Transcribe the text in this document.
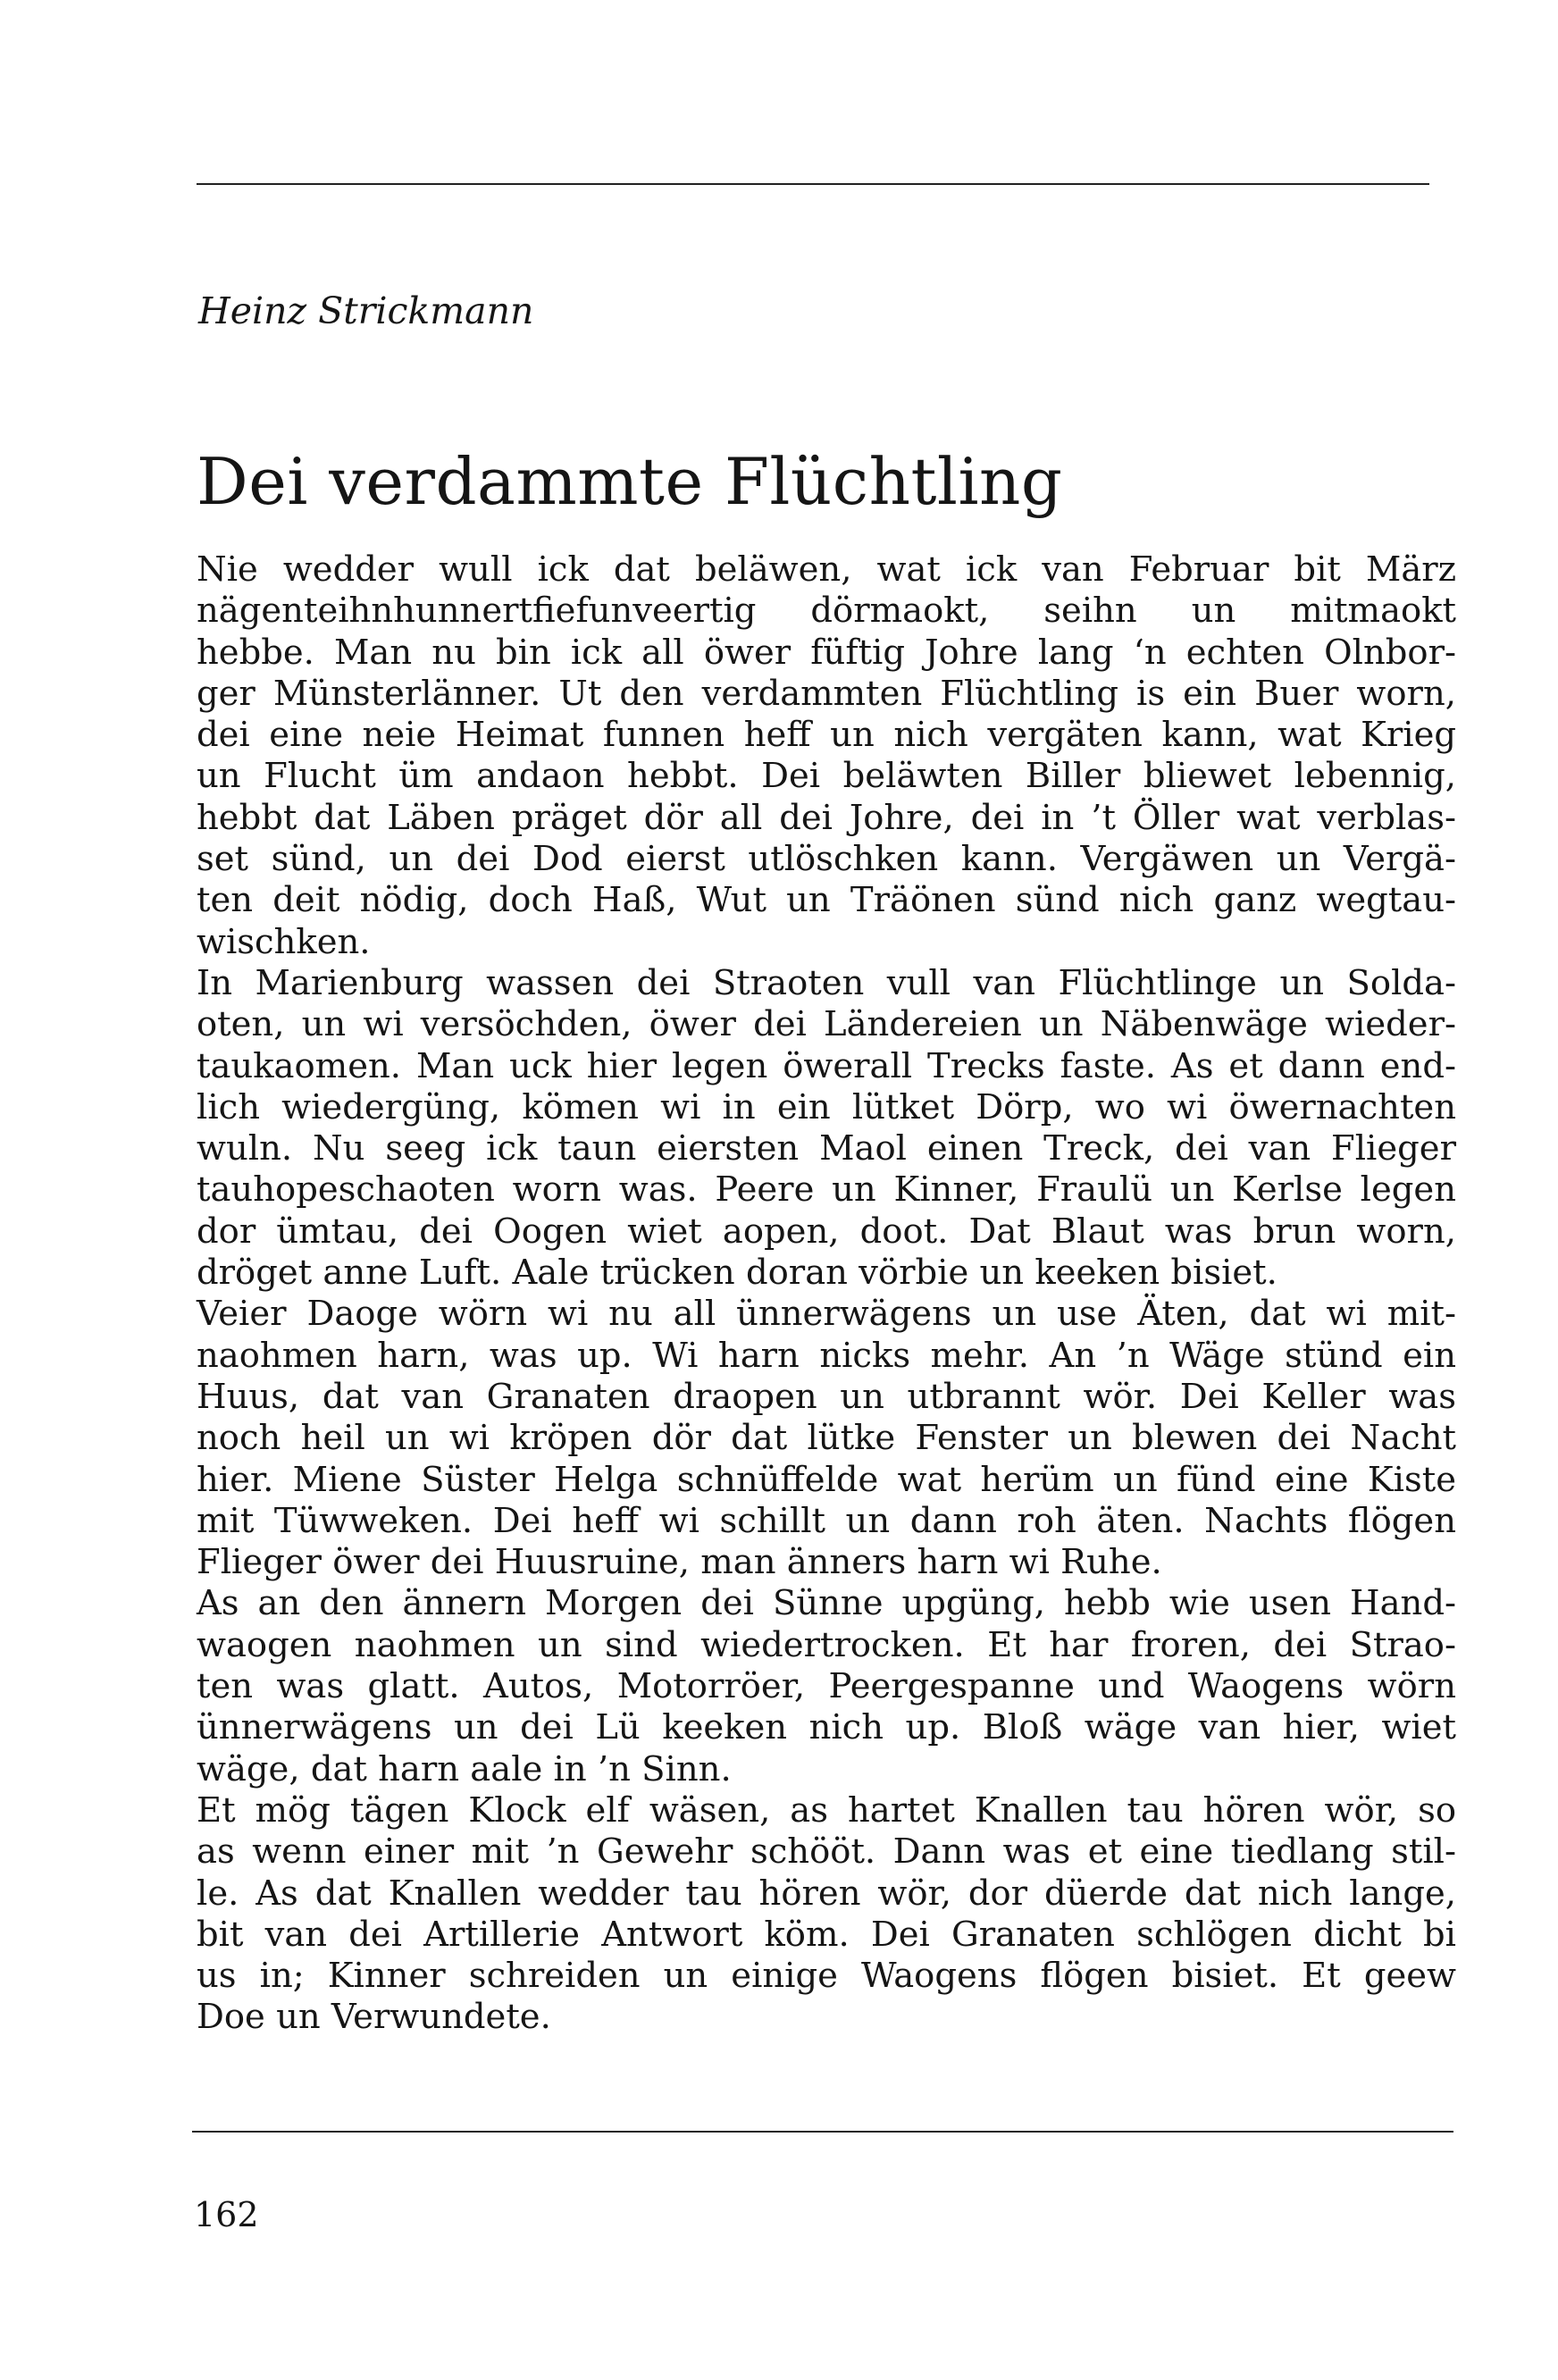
Heinz Strickmann
Dei verdammte Flüchtling
Nie wedder wull ick dat beläwen, wat ick van Februar bit März
nägenteihnhunnertfiefunveertig dörmaokt, seihn un mitmaokt
hebbe. Man nu bin ick all öwer füftig Johre lang ‘n echten Olnbor-
ger Münsterlänner. Ut den verdammten Flüchtling is ein Buer worn,
dei eine neie Heimat funnen heff un nich vergäten kann, wat Krieg
un Flucht üm andaon hebbt. Dei beläwten Biller bliewet lebennig,
hebbt dat Läben präget dör all dei Johre, dei in ’t Öller wat verblas-
set sünd, un dei Dod eierst utlöschken kann. Vergäwen un Vergä-
ten deit nödig, doch Haß, Wut un Träönen sünd nich ganz wegtau-
wischken.
In Marienburg wassen dei Straoten vull van Flüchtlinge un Solda-
oten, un wi versöchden, öwer dei Ländereien un Näbenwäge wieder-
taukaomen. Man uck hier legen öwerall Trecks faste. As et dann end-
lich wiedergüng, kömen wi in ein lütket Dörp, wo wi öwernachten
wuln. Nu seeg ick taun eiersten Maol einen Treck, dei van Flieger
tauhopeschaoten worn was. Peere un Kinner, Fraulü un Kerlse legen
dor ümtau, dei Oogen wiet aopen, doot. Dat Blaut was brun worn,
dröget anne Luft. Aale trücken doran vörbie un keeken bisiet.
Veier Daoge wörn wi nu all ünnerwägens un use Äten, dat wi mit-
naohmen harn, was up. Wi harn nicks mehr. An ’n Wäge stünd ein
Huus, dat van Granaten draopen un utbrannt wör. Dei Keller was
noch heil un wi kröpen dör dat lütke Fenster un blewen dei Nacht
hier. Miene Süster Helga schnüffelde wat herüm un fünd eine Kiste
mit Tüwweken. Dei heff wi schillt un dann roh äten. Nachts flögen
Flieger öwer dei Huusruine, man änners harn wi Ruhe.
As an den ännern Morgen dei Sünne upgüng, hebb wie usen Hand-
waogen naohmen un sind wiedertrocken. Et har froren, dei Strao-
ten was glatt. Autos, Motorröer, Peergespanne und Waogens wörn
ünnerwägens un dei Lü keeken nich up. Bloß wäge van hier, wiet
wäge, dat harn aale in ’n Sinn.
Et mög tägen Klock elf wäsen, as hartet Knallen tau hören wör, so
as wenn einer mit ’n Gewehr schööt. Dann was et eine tiedlang stil-
le. As dat Knallen wedder tau hören wör, dor düerde dat nich lange,
bit van dei Artillerie Antwort köm. Dei Granaten schlögen dicht bi
us in; Kinner schreiden un einige Waogens flögen bisiet. Et geew
Doe un Verwundete.
162
